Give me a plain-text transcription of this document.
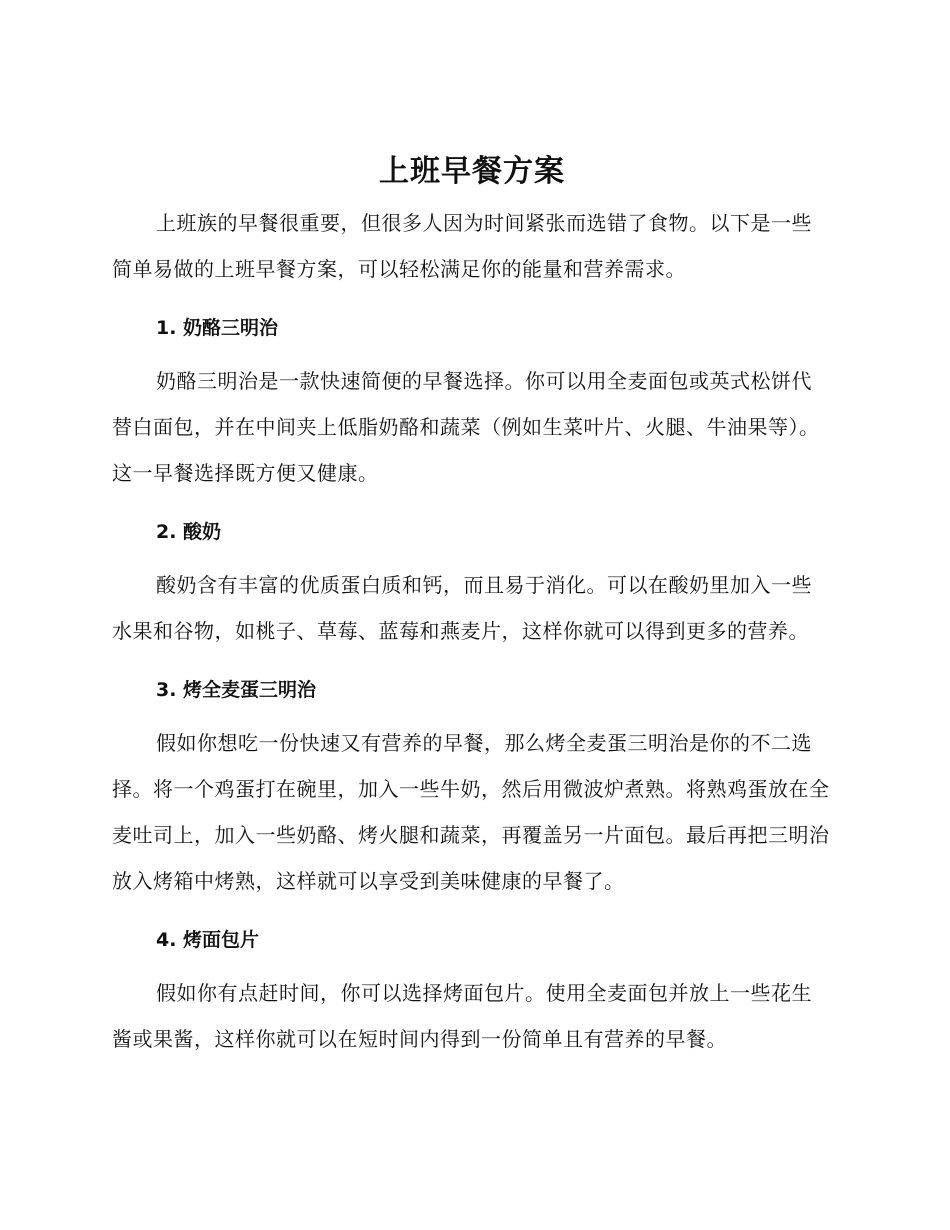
上班早餐方案

上班族的早餐很重要，但很多人因为时间紧张而选错了食物。以下是一些简单易做的上班早餐方案，可以轻松满足你的能量和营养需求。

1. 奶酪三明治

奶酪三明治是一款快速简便的早餐选择。你可以用全麦面包或英式松饼代替白面包，并在中间夹上低脂奶酪和蔬菜（例如生菜叶片、火腿、牛油果等）。这一早餐选择既方便又健康。

2. 酸奶

酸奶含有丰富的优质蛋白质和钙，而且易于消化。可以在酸奶里加入一些水果和谷物，如桃子、草莓、蓝莓和燕麦片，这样你就可以得到更多的营养。

3. 烤全麦蛋三明治

假如你想吃一份快速又有营养的早餐，那么烤全麦蛋三明治是你的不二选择。将一个鸡蛋打在碗里，加入一些牛奶，然后用微波炉煮熟。将熟鸡蛋放在全麦吐司上，加入一些奶酪、烤火腿和蔬菜，再覆盖另一片面包。最后再把三明治放入烤箱中烤熟，这样就可以享受到美味健康的早餐了。

4. 烤面包片

假如你有点赶时间，你可以选择烤面包片。使用全麦面包并放上一些花生酱或果酱，这样你就可以在短时间内得到一份简单且有营养的早餐。
